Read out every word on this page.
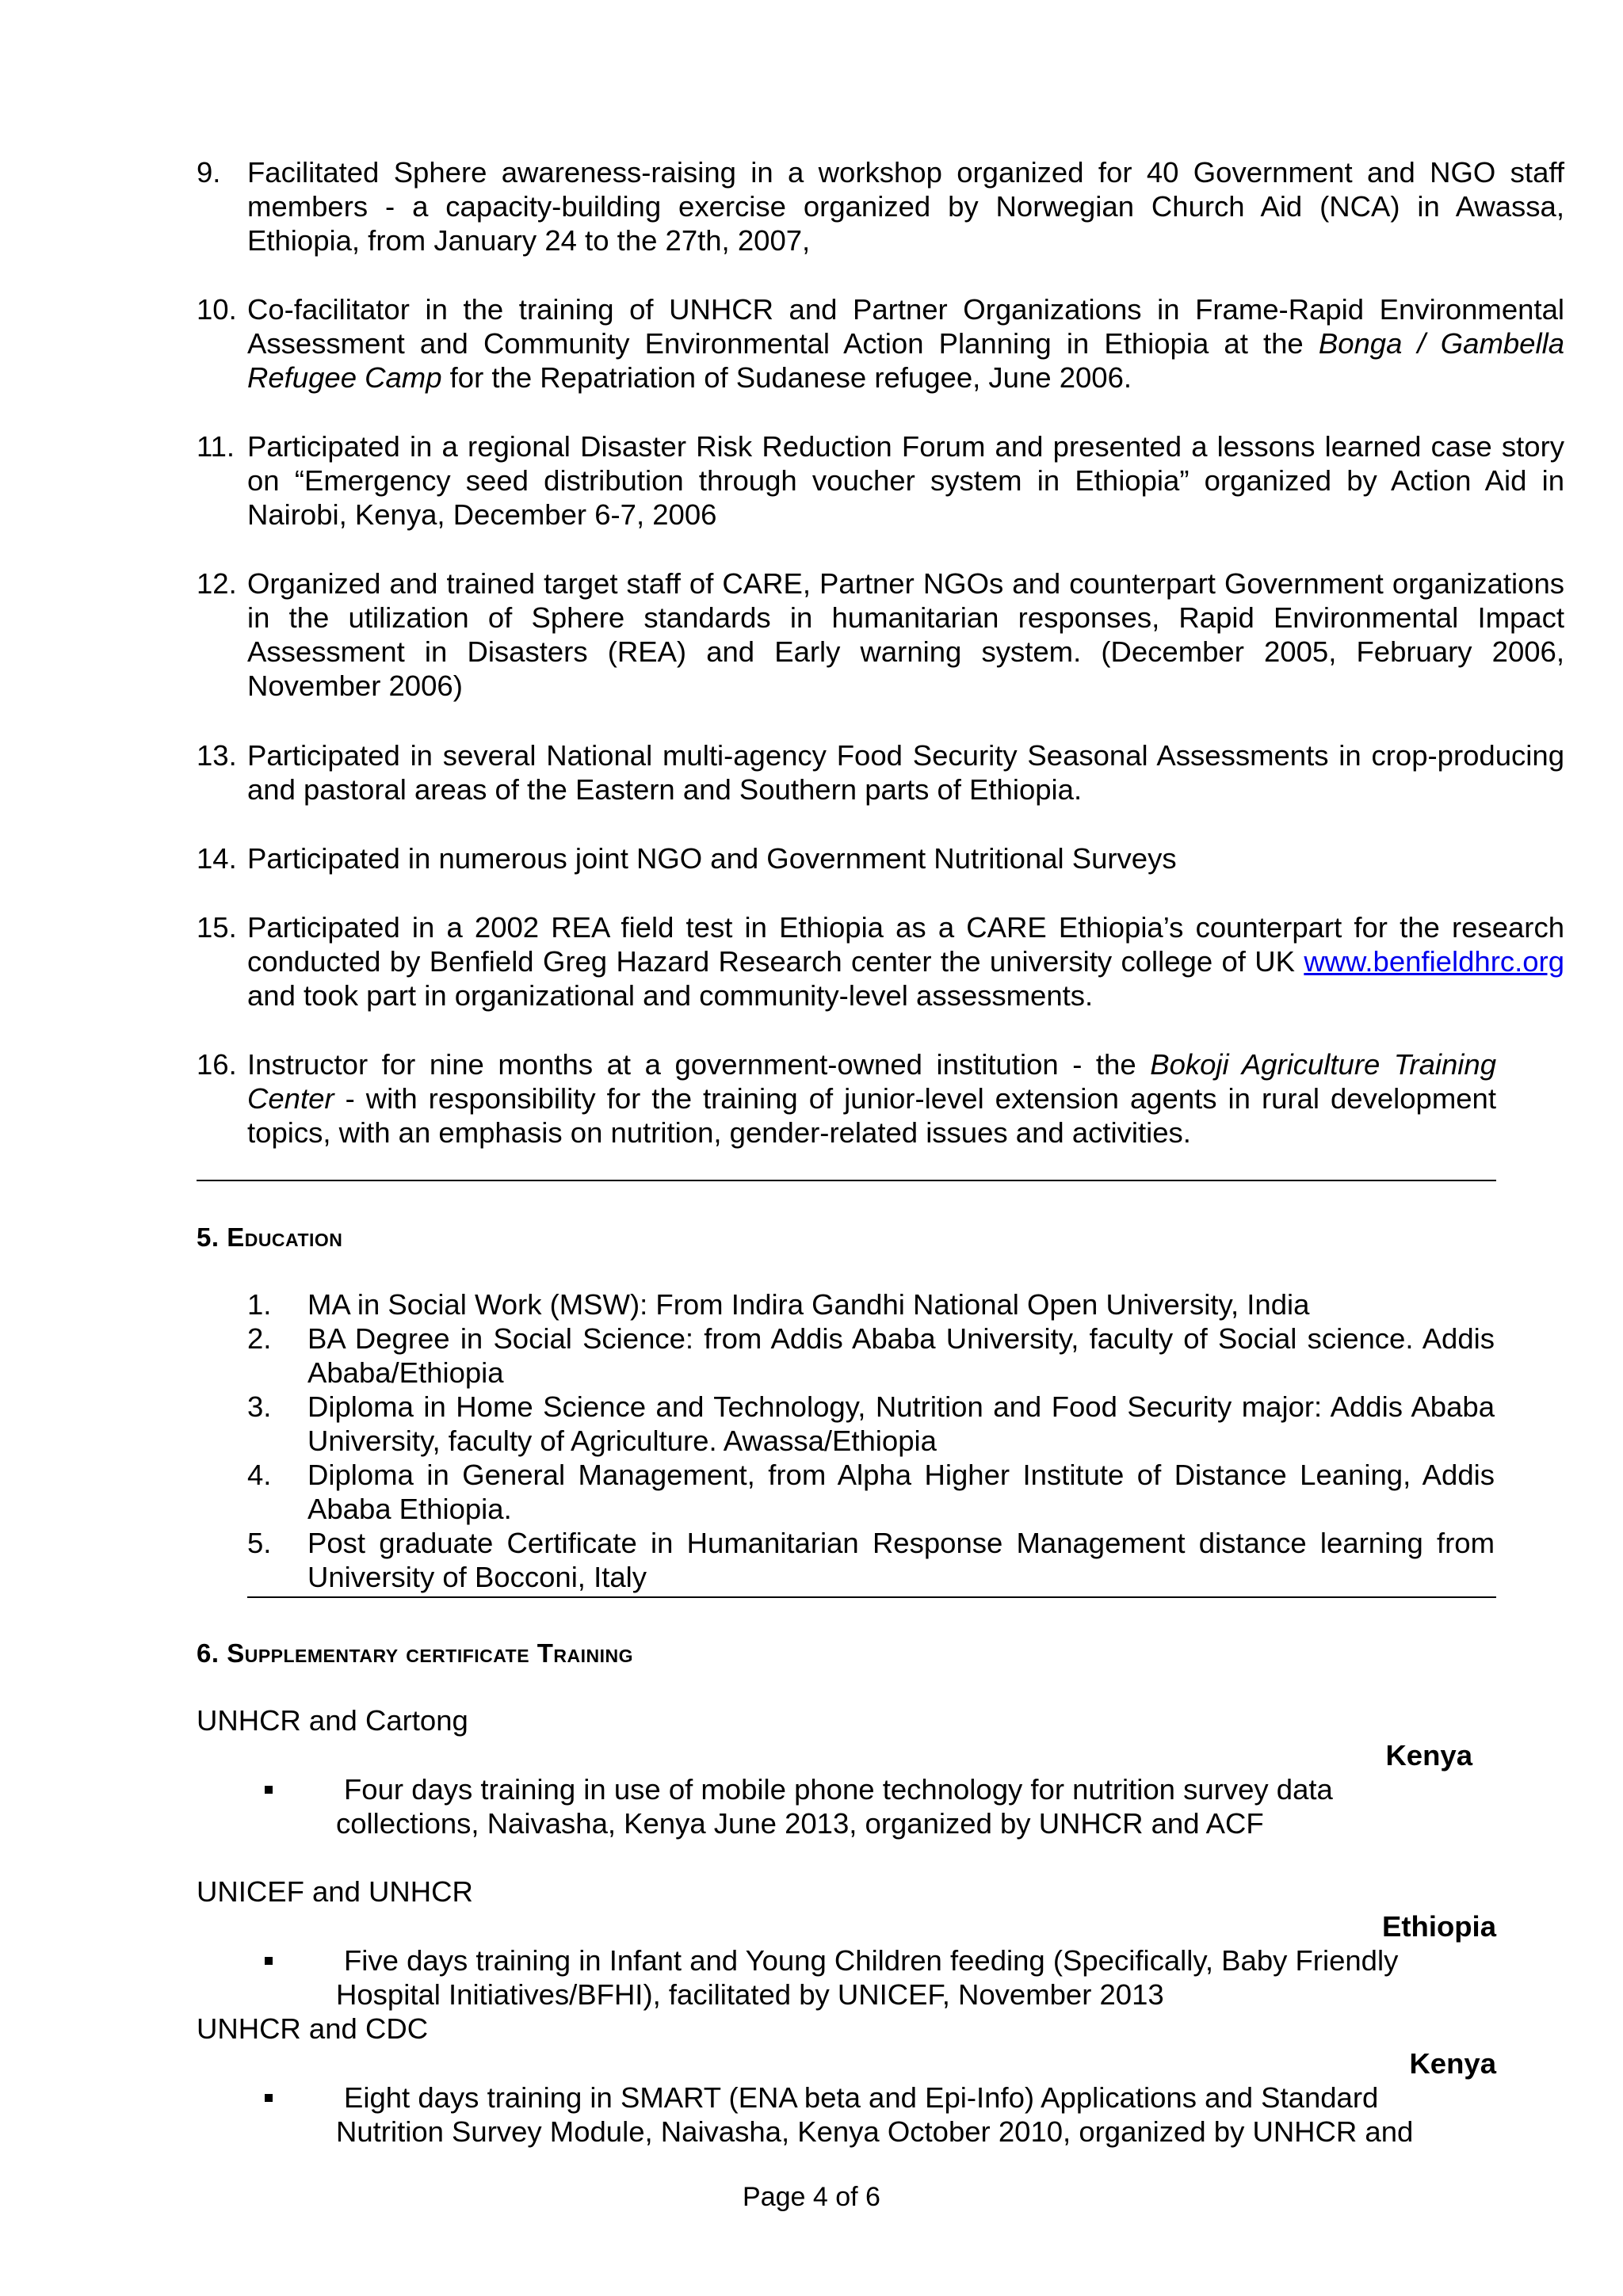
9. Facilitated Sphere awareness-raising in a workshop organized for 40 Government and NGO staff members - a capacity-building exercise organized by Norwegian Church Aid (NCA) in Awassa, Ethiopia, from January 24 to the 27th, 2007,
10. Co-facilitator in the training of UNHCR and Partner Organizations in Frame-Rapid Environmental Assessment and Community Environmental Action Planning in Ethiopia at the Bonga / Gambella Refugee Camp for the Repatriation of Sudanese refugee, June 2006.
11. Participated in a regional Disaster Risk Reduction Forum and presented a lessons learned case story on “Emergency seed distribution through voucher system in Ethiopia” organized by Action Aid in Nairobi, Kenya, December 6-7, 2006
12. Organized and trained target staff of CARE, Partner NGOs and counterpart Government organizations in the utilization of Sphere standards in humanitarian responses, Rapid Environmental Impact Assessment in Disasters (REA) and Early warning system. (December 2005, February 2006, November 2006)
13. Participated in several National multi-agency Food Security Seasonal Assessments in crop-producing and pastoral areas of the Eastern and Southern parts of Ethiopia.
14. Participated in numerous joint NGO and Government Nutritional Surveys
15. Participated in a 2002 REA field test in Ethiopia as a CARE Ethiopia’s counterpart for the research conducted by Benfield Greg Hazard Research center the university college of UK www.benfieldhrc.org and took part in organizational and community-level assessments.
16. Instructor for nine months at a government-owned institution - the Bokoji Agriculture Training Center - with responsibility for the training of junior-level extension agents in rural development topics, with an emphasis on nutrition, gender-related issues and activities.
5. Education
1. MA in Social Work (MSW): From Indira Gandhi National Open University, India
2. BA Degree in Social Science: from Addis Ababa University, faculty of Social science. Addis Ababa/Ethiopia
3. Diploma in Home Science and Technology, Nutrition and Food Security major: Addis Ababa University, faculty of Agriculture. Awassa/Ethiopia
4. Diploma in General Management, from Alpha Higher Institute of Distance Leaning, Addis Ababa Ethiopia.
5. Post graduate Certificate in Humanitarian Response Management distance learning from University of Bocconi, Italy
6. Supplementary certificate Training
UNHCR and Cartong
Kenya
Four days training in use of mobile phone technology for nutrition survey data
collections, Naivasha, Kenya June 2013, organized by UNHCR and ACF
UNICEF and UNHCR
Ethiopia
Five days training in Infant and Young Children feeding (Specifically, Baby Friendly
Hospital Initiatives/BFHI), facilitated by UNICEF, November 2013
UNHCR and CDC
Kenya
Eight days training in SMART (ENA beta and Epi-Info) Applications and Standard
Nutrition Survey Module, Naivasha, Kenya October 2010, organized by UNHCR and
Page 4 of 6
